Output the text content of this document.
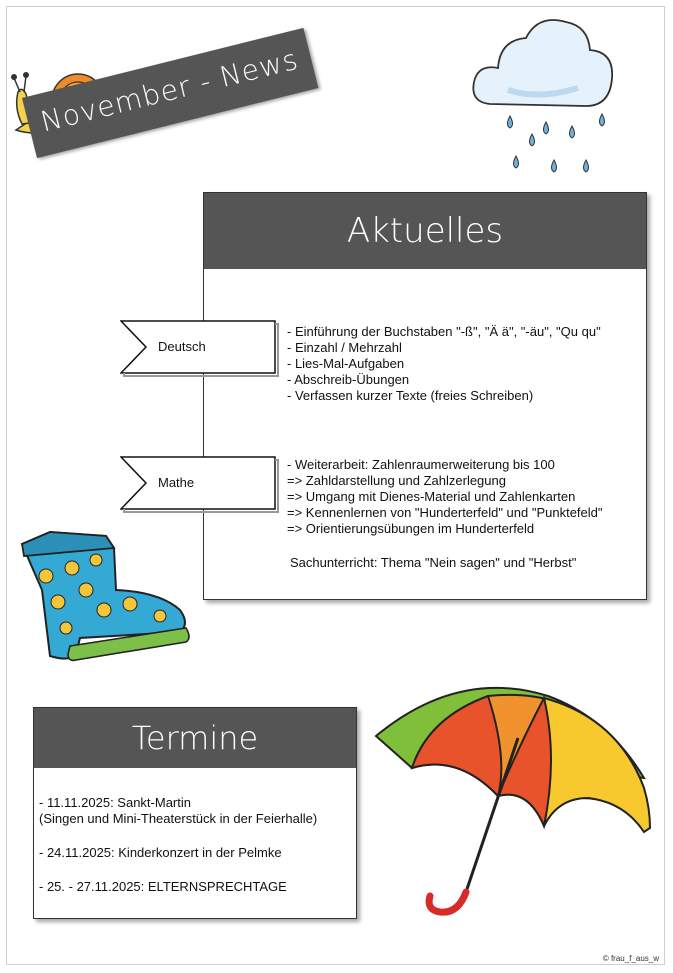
November - News
Aktuelles
- Einführung der Buchstaben "-ß", "Ä ä", "-äu", "Qu qu"
- Einzahl / Mehrzahl
- Lies-Mal-Aufgaben
- Abschreib-Übungen
- Verfassen kurzer Texte (freies Schreiben)
- Weiterarbeit: Zahlenraumerweiterung bis 100
=> Zahldarstellung und Zahlzerlegung
=> Umgang mit Dienes-Material und Zahlenkarten
=> Kennenlernen von "Hunderterfeld" und "Punktefeld"
=> Orientierungsübungen im Hunderterfeld
Sachunterricht: Thema "Nein sagen" und "Herbst"
Deutsch
Mathe
Termine
- 11.11.2025: Sankt-Martin
(Singen und Mini-Theaterstück in der Feierhalle)
- 24.11.2025: Kinderkonzert in der Pelmke
- 25. - 27.11.2025: ELTERNSPRECHTAGE
© frau_f_aus_w
